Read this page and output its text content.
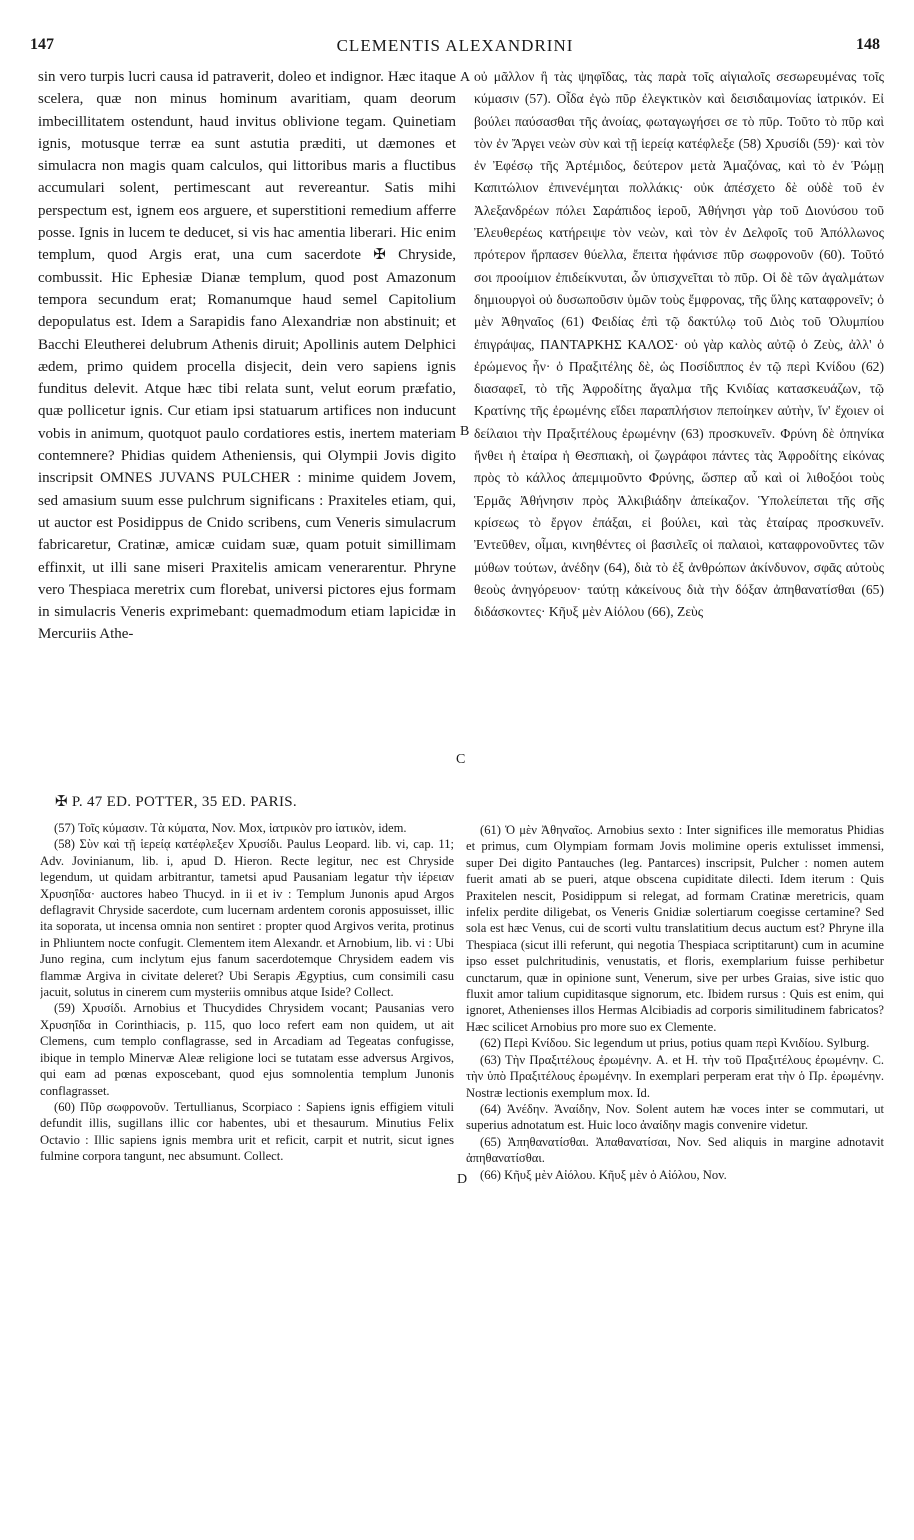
147	CLEMENTIS ALEXANDRINI	148

sin vero turpis lucri causa id patraverit, doleo et indignor. Hæc itaque scelera, quæ non minus hominum avaritiam, quam deorum imbecillitatem ostendunt, haud invitus oblivione tegam. Quinetiam ignis, motusque terræ ea sunt astutia præditi, ut dæmones et simulacra non magis quam calculos, qui littoribus maris a fluctibus accumulari solent, pertimescant aut revereantur. Satis mihi perspectum est, ignem eos arguere, et superstitioni remedium afferre posse. Ignis in lucem te deducet, si vis hac amentia liberari. Hic enim templum, quod Argis erat, una cum sacerdote ✠ Chryside, combussit. Hic Ephesiæ Dianæ templum, quod post Amazonum tempora secundum erat; Romanumque haud semel Capitolium depopulatus est. Idem a Sarapidis fano Alexandriæ non abstinuit; et Bacchi Eleutherei delubrum Athenis diruit; Apollinis autem Delphici ædem, primo quidem procella disjecit, dein vero sapiens ignis funditus delevit. Atque hæc tibi relata sunt, velut eorum præfatio, quæ pollicetur ignis. Cur etiam ipsi statuarum artifices non inducunt vobis in animum, quotquot paulo cordatiores estis, inertem materiam contemnere? Phidias quidem Atheniensis, qui Olympii Jovis digito inscripsit OMNES JUVANS PULCHER : minime quidem Jovem, sed amasium suum esse pulchrum significans : Praxiteles etiam, qui, ut auctor est Posidippus de Cnido scribens, cum Veneris simulacrum fabricaretur, Cratinæ, amicæ cuidam suæ, quam potuit simillimam effinxit, ut illi sane miseri Praxitelis amicam venerarentur. Phryne vero Thespiaca meretrix cum florebat, universi pictores ejus formam in simulacris Veneris exprimebant: quemadmodum etiam lapicidæ in Mercuriis Athe-

οὐ μᾶλλον ἢ τὰς ψηφῖδας, τὰς παρὰ τοῖς αἰγιαλοῖς σεσωρευμένας τοῖς κύμασιν (57). Οἶδα ἐγὼ πῦρ ἐλεγκτικὸν καὶ δεισιδαιμονίας ἰατρικόν. Εἰ βούλει παύσασθαι τῆς ἀνοίας, φωταγωγήσει σε τὸ πῦρ. Τοῦτο τὸ πῦρ καὶ τὸν ἐν Ἄργει νεὼν σὺν καὶ τῇ ἱερείᾳ κατέφλεξε (58) Χρυσίδι (59)· καὶ τὸν ἐν Ἐφέσῳ τῆς Ἀρτέμιδος, δεύτερον μετὰ Ἀμαζόνας, καὶ τὸ ἐν Ῥώμῃ Καπιτώλιον ἐπινενέμηται πολλάκις· οὐκ ἀπέσχετο δὲ οὐδὲ τοῦ ἐν Ἀλεξανδρέων πόλει Σαράπιδος ἱεροῦ, Ἀθήνησι γὰρ τοῦ Διονύσου τοῦ Ἐλευθερέως κατήρειψε τὸν νεὼν, καὶ τὸν ἐν Δελφοῖς τοῦ Ἀπόλλωνος πρότερον ἥρπασεν θύελλα, ἔπειτα ἠφάνισε πῦρ σωφρονοῦν (60). Τοῦτό σοι προοίμιον ἐπιδείκνυται, ὧν ὑπισχνεῖται τὸ πῦρ. Οἱ δὲ τῶν ἀγαλμάτων δημιουργοὶ οὐ δυσωποῦσιν ὑμῶν τοὺς ἔμφρονας, τῆς ὕλης καταφρονεῖν; ὁ μὲν Ἀθηναῖος (61) Φειδίας ἐπὶ τῷ δακτύλῳ τοῦ Διὸς τοῦ Ὀλυμπίου ἐπιγράψας, ΠΑΝΤΑΡΚΗΣ ΚΑΛΟΣ· οὐ γὰρ καλὸς αὐτῷ ὁ Ζεὺς, ἀλλ' ὁ ἐρώμενος ἦν· ὁ Πραξιτέλης δὲ, ὡς Ποσίδιππος ἐν τῷ περὶ Κνίδου (62) διασαφεῖ, τὸ τῆς Ἀφροδίτης ἄγαλμα τῆς Κνιδίας κατασκευάζων, τῷ Κρατίνης τῆς ἐρωμένης εἴδει παραπλήσιον πεποίηκεν αὐτὴν, ἵν' ἔχοιεν οἱ δείλαιοι τὴν Πραξιτέλους ἐρωμένην (63) προσκυνεῖν. Φρύνη δὲ ὁπηνίκα ἤνθει ἡ ἑταίρα ἡ Θεσπιακὴ, οἱ ζωγράφοι πάντες τὰς Ἀφροδίτης εἰκόνας πρὸς τὸ κάλλος ἀπεμιμοῦντο Φρύνης, ὥσπερ αὖ καὶ οἱ λιθοξόοι τοὺς Ἑρμᾶς Ἀθήνησιν πρὸς Ἀλκιβιάδην ἀπείκαζον. Ὑπολείπεται τῆς σῆς κρίσεως τὸ ἔργον ἐπάξαι, εἰ βούλει, καὶ τὰς ἑταίρας προσκυνεῖν. Ἐντεῦθεν, οἶμαι, κινηθέντες οἱ βασιλεῖς οἱ παλαιοὶ, καταφρονοῦντες τῶν μύθων τούτων, ἀνέδην (64), διὰ τὸ ἐξ ἀνθρώπων ἀκίνδυνον, σφᾶς αὐτοὺς θεοὺς ἀνηγόρευον· ταύτῃ κἀκείνους διὰ τὴν δόξαν ἀπηθανατίσθαι (65) διδάσκοντες· Κῆυξ μὲν Αἰόλου (66), Ζεὺς

A
B
C
D
✠ P. 47 ED. POTTER, 35 ED. PARIS.

(57) Τοῖς κύμασιν. Τὰ κύματα, Nov. Mox, ἰατρικὸν pro ἰατικὸν, idem.

(58) Σὺν καὶ τῇ ἱερείᾳ κατέφλεξεν Χρυσίδι. Paulus Leopard. lib. vi, cap. 11; Adv. Jovinianum, lib. i, apud D. Hieron. Recte legitur, nec est Chryside legendum, ut quidam arbitrantur, tametsi apud Pausaniam legatur τὴν ἱέρειαν Χρυσηΐδα· auctores habeo Thucyd. in ii et iv : Templum Junonis apud Argos deflagravit Chryside sacerdote, cum lucernam ardentem coronis apposuisset, illic ita soporata, ut incensa omnia non sentiret : propter quod Argivos verita, protinus in Phliuntem nocte confugit. Clementem item Alexandr. et Arnobium, lib. vi : Ubi Juno regina, cum inclytum ejus fanum sacerdotemque Chrysidem eadem vis flammæ Argiva in civitate deleret? Ubi Serapis Ægyptius, cum consimili casu jacuit, solutus in cinerem cum mysteriis omnibus atque Iside? Collect.

(59) Χρυσίδι. Arnobius et Thucydides Chrysidem vocant; Pausanias vero Χρυσηΐδα in Corinthiacis, p. 115, quo loco refert eam non quidem, ut ait Clemens, cum templo conflagrasse, sed in Arcadiam ad Tegeatas confugisse, ibique in templo Minervæ Aleæ religione loci se tutatam esse adversus Argivos, qui eam ad pœnas exposcebant, quod ejus somnolentia templum Junonis conflagrasset.

(60) Πῦρ σωφρονοῦν. Tertullianus, Scorpiaco : Sapiens ignis effigiem vituli defundit illis, sugillans illic cor habentes, ubi et thesaurum. Minutius Felix Octavio : Illic sapiens ignis membra urit et reficit, carpit et nutrit, sicut ignes fulmine corpora tangunt, nec absumunt. Collect.

(61) Ὁ μὲν Ἀθηναῖος. Arnobius sexto : Inter significes ille memoratus Phidias et primus, cum Olympiam formam Jovis molimine operis extulisset immensi, super Dei digito Pantauches (leg. Pantarces) inscripsit, Pulcher : nomen autem fuerit amati ab se pueri, atque obscena cupiditate dilecti. Idem iterum : Quis Praxitelen nescit, Posidippum si relegat, ad formam Cratinæ meretricis, quam infelix perdite diligebat, os Veneris Gnidiæ solertiarum coegisse certamine? Sed sola est hæc Venus, cui de scorti vultu translatitium decus auctum est? Phryne illa Thespiaca (sicut illi referunt, qui negotia Thespiaca scriptitarunt) cum in acumine ipso esset pulchritudinis, venustatis, et floris, exemplarium fuisse perhibetur cunctarum, quæ in opinione sunt, Venerum, sive per urbes Graias, sive istic quo fluxit amor talium cupiditasque signorum, etc. Ibidem rursus : Quis est enim, qui ignoret, Athenienses illos Hermas Alcibiadis ad corporis similitudinem fabricatos? Hæc scilicet Arnobius pro more suo ex Clemente.

(62) Περὶ Κνίδου. Sic legendum ut prius, potius quam περὶ Κνιδίου. Sylburg.

(63) Τὴν Πραξιτέλους ἐρωμένην. A. et H. τὴν τοῦ Πραξιτέλους ἐρωμένην. C. τὴν ὑπὸ Πραξιτέλους ἐρωμένην. In exemplari perperam erat τὴν ὁ Πρ. ἐρωμένην. Nostræ lectionis exemplum mox. Id.

(64) Ἀνέδην. Ἀναίδην, Nov. Solent autem hæ voces inter se commutari, ut superius adnotatum est. Huic loco ἀναίδην magis convenire videtur.

(65) Ἀπηθανατίσθαι. Ἀπαθανατίσαι, Nov. Sed aliquis in margine adnotavit ἀπηθανατίσθαι.

(66) Κῆυξ μὲν Αἰόλου. Κῆυξ μὲν ὁ Αἰόλου, Nov.
